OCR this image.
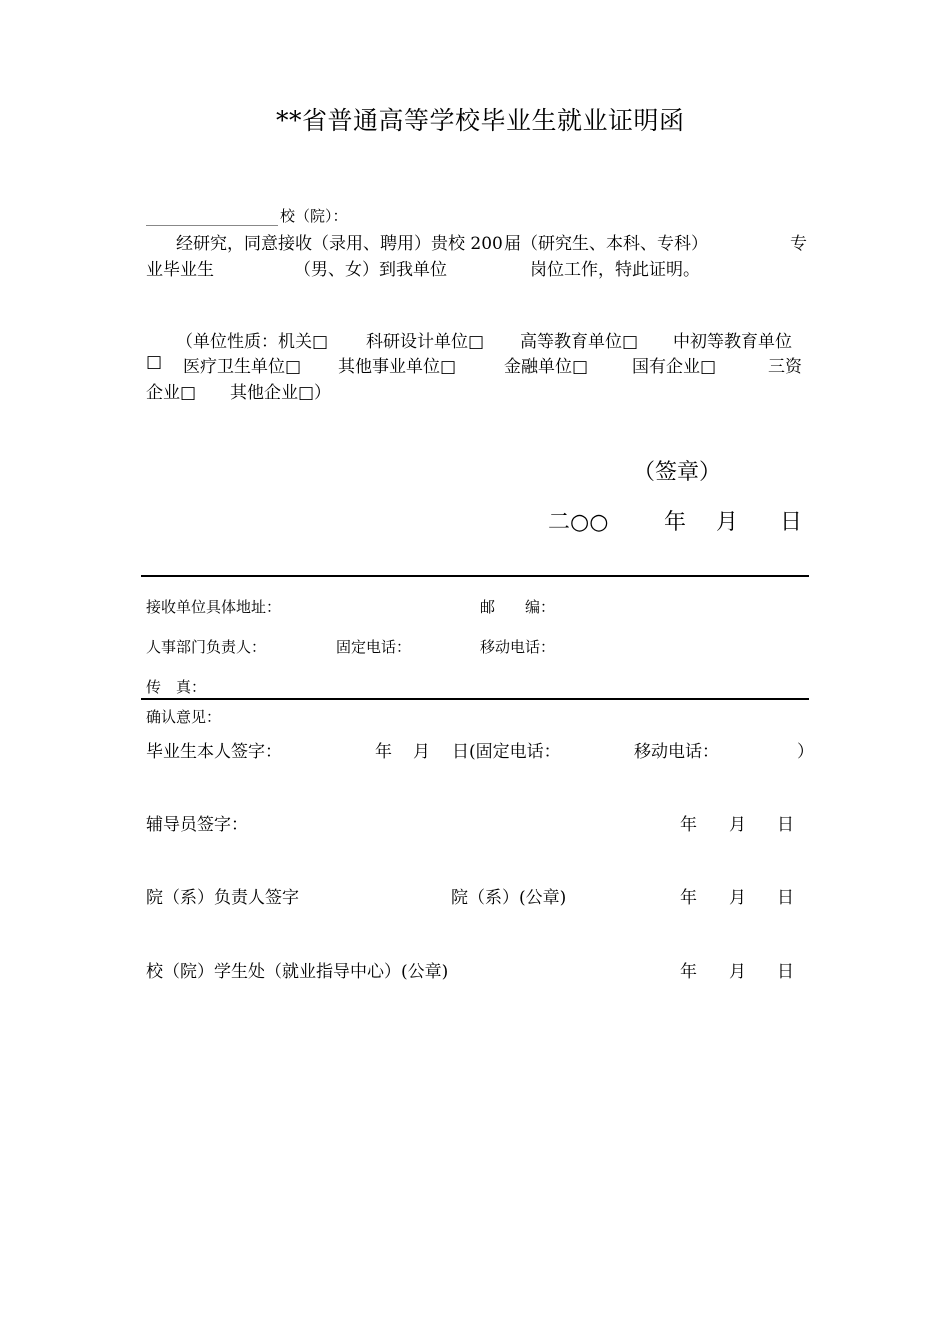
**省普通高等学校毕业生就业证明函
校（院）：
经研究，同意接收（录用、聘用）贵校 200 届（研究生、本科、专科）	专
业毕业生	（男、女）到我单位	岗位工作，特此证明。
（单位性质：机关□ 科研设计单位□ 高等教育单位□ 中初等教育单位
□ 医疗卫生单位□ 其他事业单位□	金融单位□	国有企业□	三资
企业□ 其他企业□）
（签章）
二○○	年 月 日
接收单位具体地址：	邮　　编：
人事部门负责人：	固定电话：	移动电话：
传　真：
确认意见：
毕业生本人签字：	年 月 日(固定电话：	移动电话：	）
辅导员签字：	年 月 日
院（系）负责人签字	院（系）(公章)	年 月 日
校（院）学生处（就业指导中心）(公章)	年 月 日
